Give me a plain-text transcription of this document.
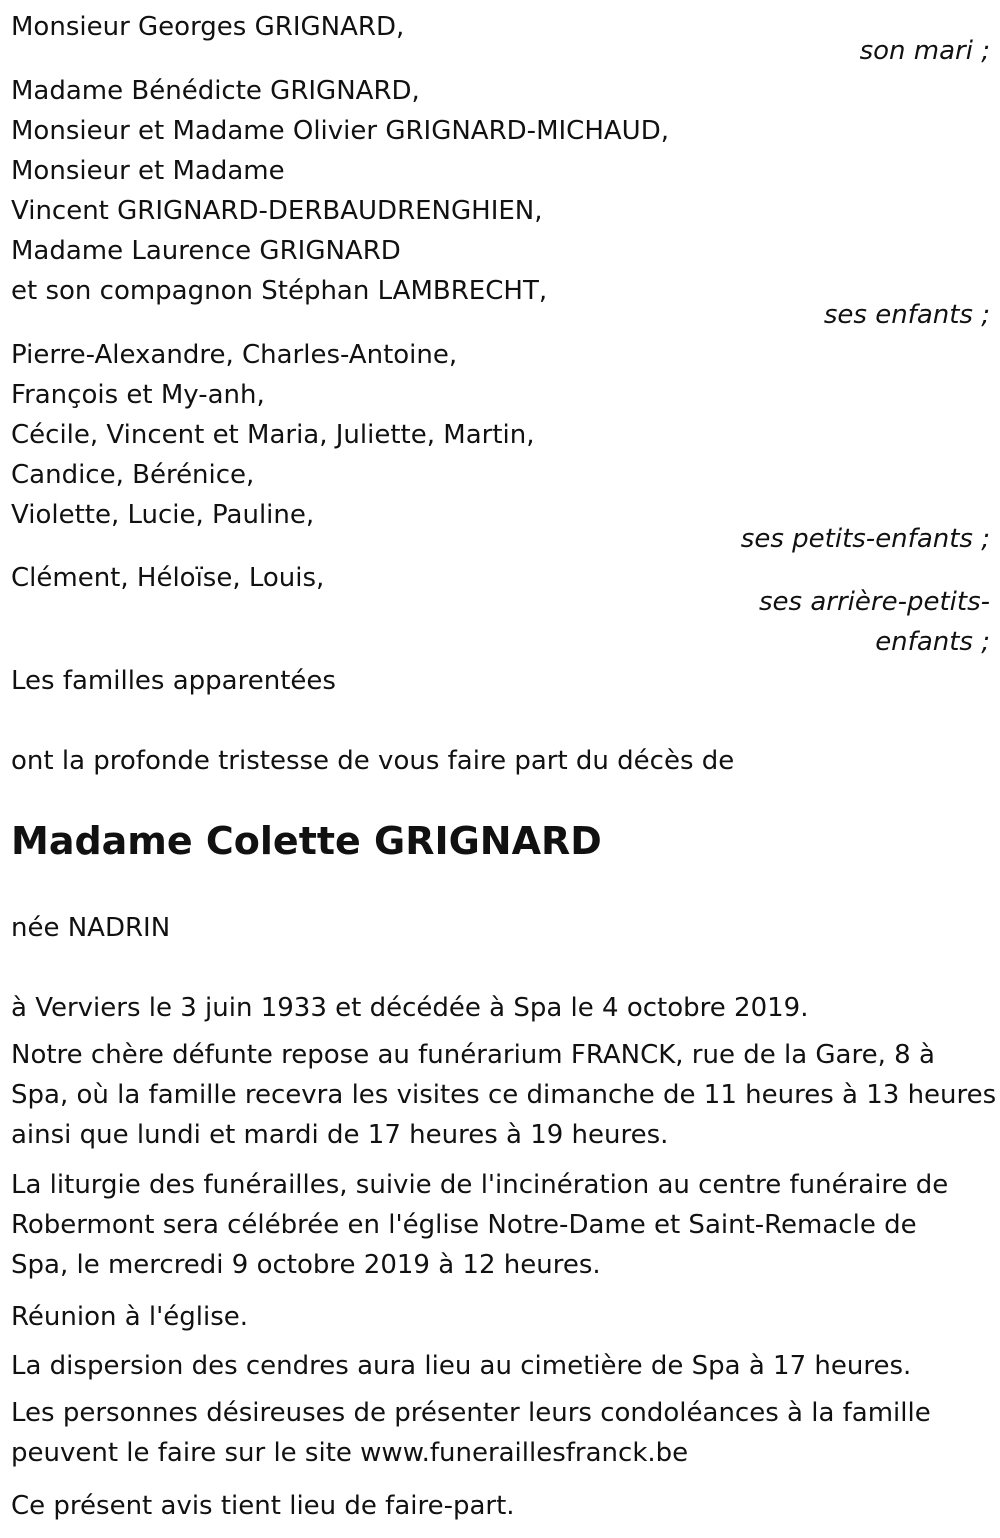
Monsieur Georges GRIGNARD,
son mari ;
Madame Bénédicte GRIGNARD,
Monsieur et Madame Olivier GRIGNARD-MICHAUD,
Monsieur et Madame
Vincent GRIGNARD-DERBAUDRENGHIEN,
Madame Laurence GRIGNARD
et son compagnon Stéphan LAMBRECHT,
ses enfants ;
Pierre-Alexandre, Charles-Antoine,
François et My-anh,
Cécile, Vincent et Maria, Juliette, Martin,
Candice, Bérénice,
Violette, Lucie, Pauline,
ses petits-enfants ;
Clément, Héloïse, Louis,
ses arrière-petits-
enfants ;
Les familles apparentées
ont la profonde tristesse de vous faire part du décès de
Madame Colette GRIGNARD
née NADRIN
à Verviers le 3 juin 1933 et décédée à Spa le 4 octobre 2019.
Notre chère défunte repose au funérarium FRANCK, rue de la Gare, 8 à
Spa, où la famille recevra les visites ce dimanche de 11 heures à 13 heures
ainsi que lundi et mardi de 17 heures à 19 heures.
La liturgie des funérailles, suivie de l'incinération au centre funéraire de
Robermont sera célébrée en l'église Notre-Dame et Saint-Remacle de
Spa, le mercredi 9 octobre 2019 à 12 heures.
Réunion à l'église.
La dispersion des cendres aura lieu au cimetière de Spa à 17 heures.
Les personnes désireuses de présenter leurs condoléances à la famille
peuvent le faire sur le site www.funeraillesfranck.be
Ce présent avis tient lieu de faire-part.
